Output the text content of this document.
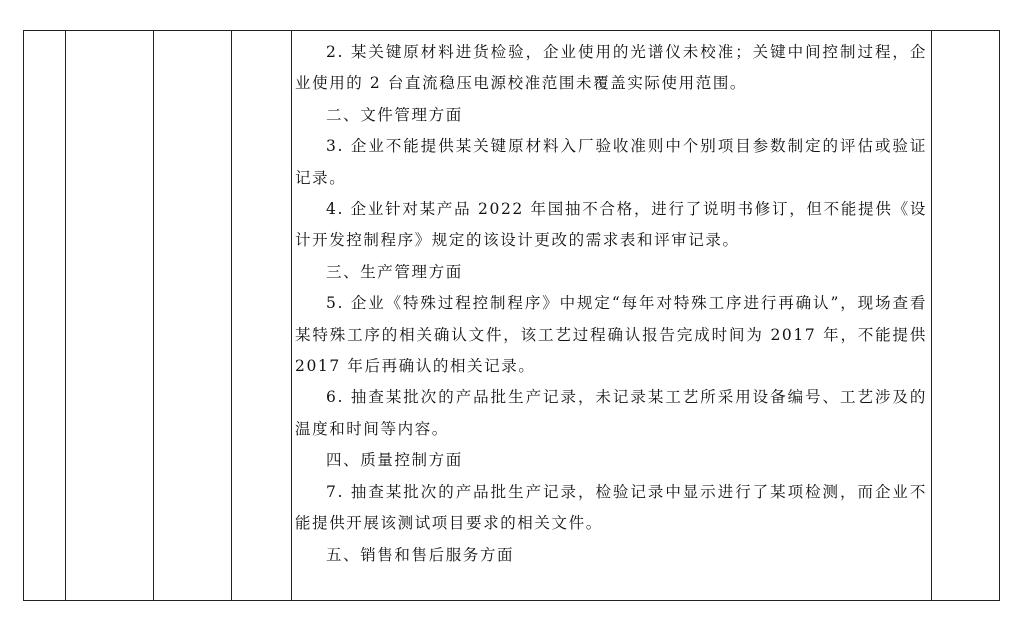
2. 某关键原材料进货检验，企业使用的光谱仪未校准；关键中间控制过程，企业使用的 2 台直流稳压电源校准范围未覆盖实际使用范围。

二、文件管理方面

3. 企业不能提供某关键原材料入厂验收准则中个别项目参数制定的评估或验证记录。

4. 企业针对某产品 2022 年国抽不合格，进行了说明书修订，但不能提供《设计开发控制程序》规定的该设计更改的需求表和评审记录。

三、生产管理方面

5. 企业《特殊过程控制程序》中规定“每年对特殊工序进行再确认”，现场查看某特殊工序的相关确认文件，该工艺过程确认报告完成时间为 2017 年，不能提供 2017 年后再确认的相关记录。

6. 抽查某批次的产品批生产记录，未记录某工艺所采用设备编号、工艺涉及的温度和时间等内容。

四、质量控制方面

7. 抽查某批次的产品批生产记录，检验记录中显示进行了某项检测，而企业不能提供开展该测试项目要求的相关文件。

五、销售和售后服务方面
